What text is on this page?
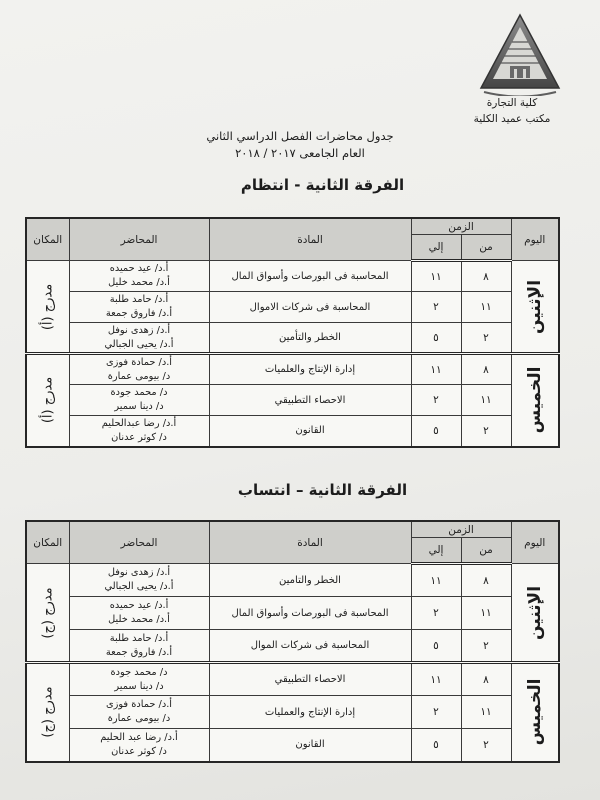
كلية التجارة
مكتب عميد الكلية
جدول محاضرات الفصل الدراسي الثاني
العام الجامعى ٢٠١٧ / ٢٠١٨
الفرقة الثانية - انتظام
اليوم	الزمن		المادة	المحاضر	المكان
	من	إلي			

الإثنين	٨	١١	المحاسبة فى البورصات وأسواق المال	أ.د/ عيد حميده
أ.د/ محمد خليل	مدرج (أ)

	١١	٢	المحاسبة فى شركات الاموال	أ.د/ حامد طلبة
أ.د/ فاروق جمعة	

	٢	٥	الخطر والتأمين	أ.د/ زهدى نوفل
أ.د/ يحيى الجبالي	

الخميس	٨	١١	إدارة الإنتاج والعلميات	أ.د/ حمادة فوزى
د/ بيومى عمارة	مدرج (أ)

	١١	٢	الاحصاء التطبيقي	د/ محمد جودة
د/ دينا سمير	

	٢	٥	القانون	أ.د/ رضا عبدالحليم
د/ كوثر عدنان	
الفرقة الثانية – انتساب
اليوم	الزمن		المادة	المحاضر	المكان
	من	إلي			

الإثنين	٨	١١	الخطر والتامين	أ.د/ زهدى نوفل
أ.د/ يحيى الجبالي	مدرج (ج)

	١١	٢	المحاسبة فى البورصات وأسواق المال	أ.د/ عيد حميده
أ.د/ محمد خليل	

	٢	٥	المحاسبة فى شركات الموال	أ.د/ حامد طلبة
أ.د/ فاروق جمعة	

الخميس	٨	١١	الاحصاء التطبيقي	د/ محمد جودة
د/ دينا سمير	مدرج (ج)

	١١	٢	إدارة الإنتاج والعمليات	أ.د/ حمادة فوزى
د/ بيومى عمارة	

	٢	٥	القانون	أ.د/ رضا عبد الحليم
د/ كوثر عدنان	
